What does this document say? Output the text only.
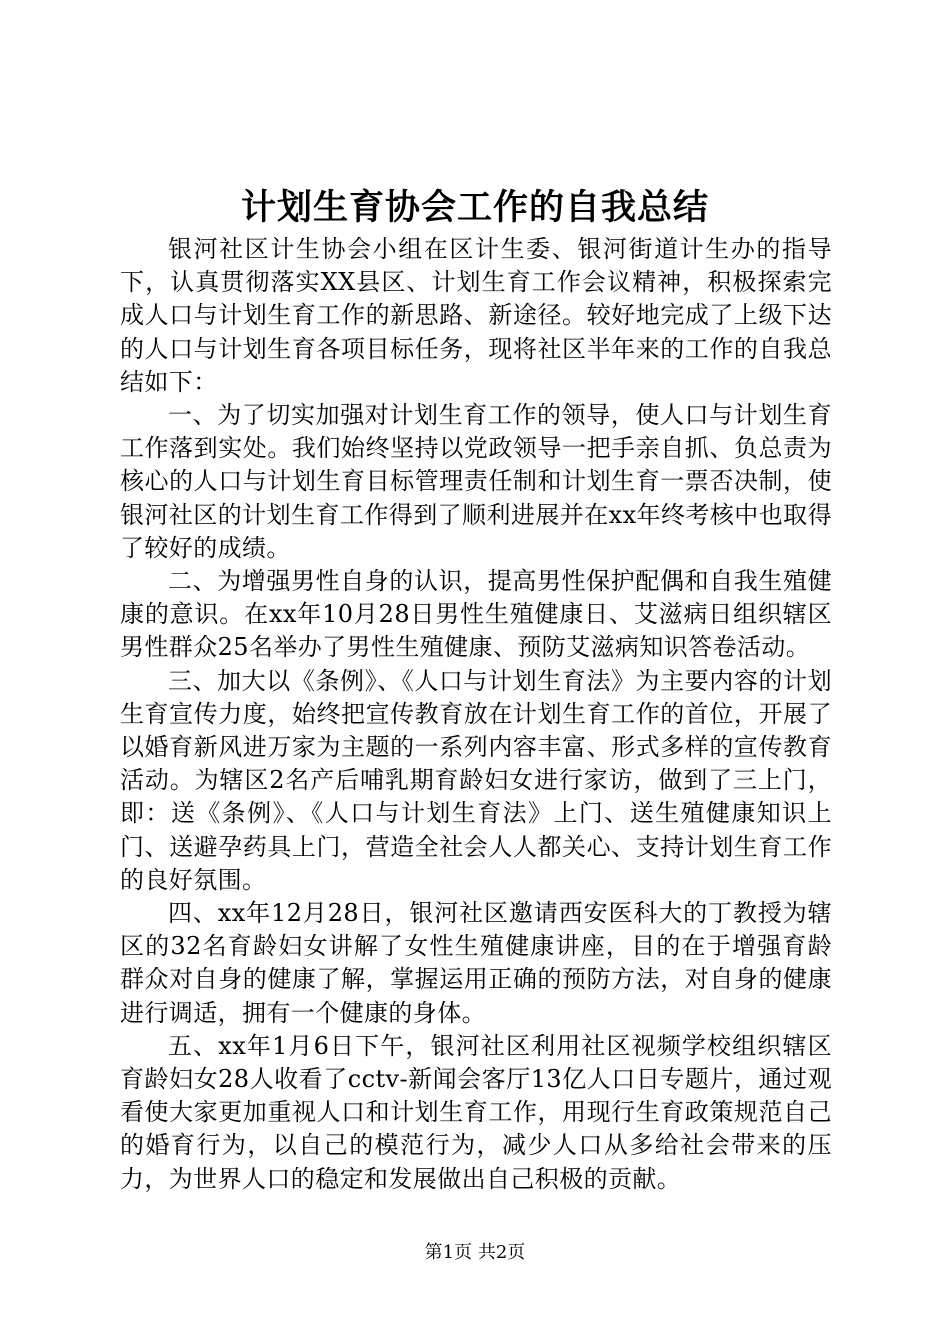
计划生育协会工作的自我总结

银河社区计生协会小组在区计生委、银河街道计生办的指导下，认真贯彻落实XX县区、计划生育工作会议精神，积极探索完成人口与计划生育工作的新思路、新途径。较好地完成了上级下达的人口与计划生育各项目标任务，现将社区半年来的工作的自我总结如下：

一、为了切实加强对计划生育工作的领导，使人口与计划生育工作落到实处。我们始终坚持以党政领导一把手亲自抓、负总责为核心的人口与计划生育目标管理责任制和计划生育一票否决制，使银河社区的计划生育工作得到了顺利进展并在xx年终考核中也取得了较好的成绩。

二、为增强男性自身的认识，提高男性保护配偶和自我生殖健康的意识。在xx年10月28日男性生殖健康日、艾滋病日组织辖区男性群众25名举办了男性生殖健康、预防艾滋病知识答卷活动。

三、加大以《条例》、《人口与计划生育法》为主要内容的计划生育宣传力度，始终把宣传教育放在计划生育工作的首位，开展了以婚育新风进万家为主题的一系列内容丰富、形式多样的宣传教育活动。为辖区2名产后哺乳期育龄妇女进行家访，做到了三上门，即：送《条例》、《人口与计划生育法》上门、送生殖健康知识上门、送避孕药具上门，营造全社会人人都关心、支持计划生育工作的良好氛围。

四、xx年12月28日，银河社区邀请西安医科大的丁教授为辖区的32名育龄妇女讲解了女性生殖健康讲座，目的在于增强育龄群众对自身的健康了解，掌握运用正确的预防方法，对自身的健康进行调适，拥有一个健康的身体。

五、xx年1月6日下午，银河社区利用社区视频学校组织辖区育龄妇女28人收看了cctv-新闻会客厅13亿人口日专题片，通过观看使大家更加重视人口和计划生育工作，用现行生育政策规范自己的婚育行为，以自己的模范行为，减少人口从多给社会带来的压力，为世界人口的稳定和发展做出自己积极的贡献。

第1页 共2页
